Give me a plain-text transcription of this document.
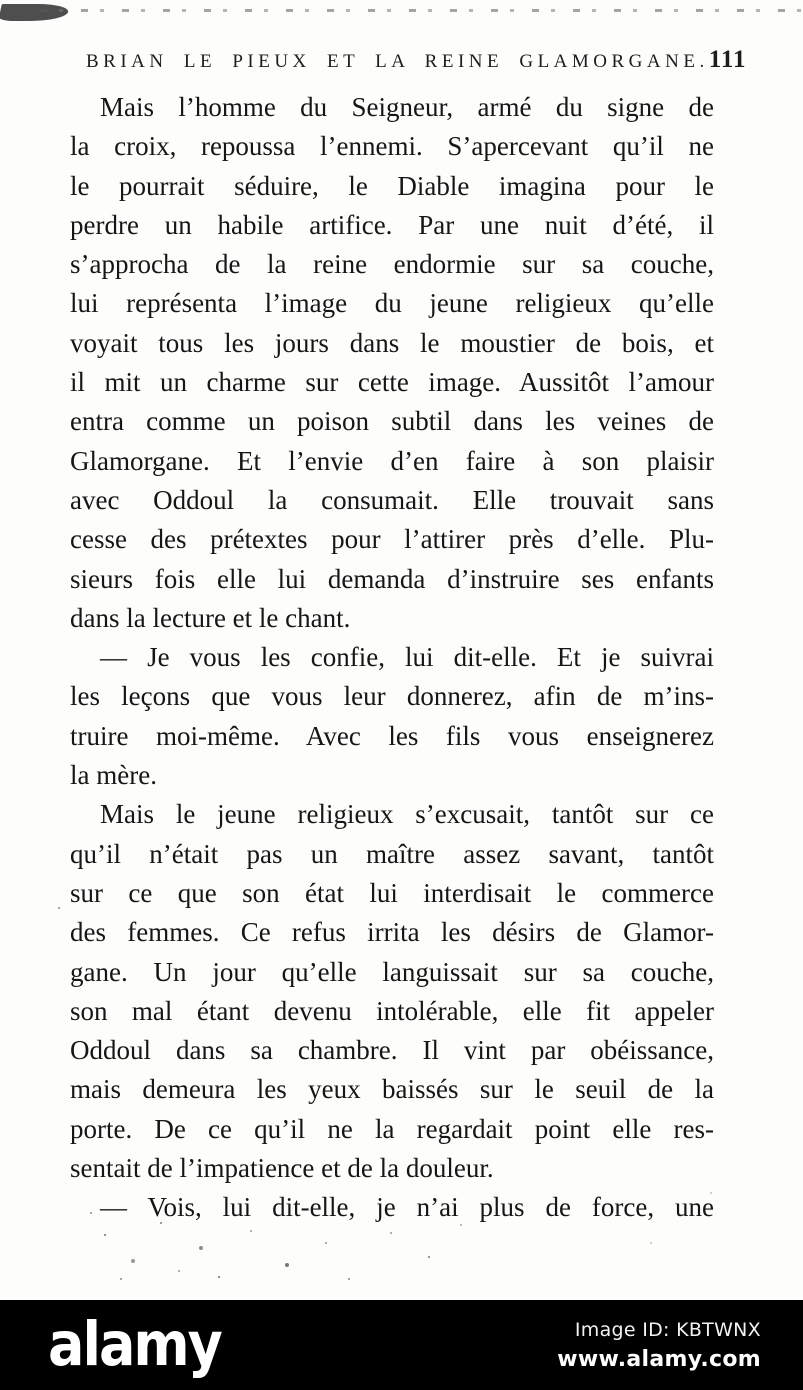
BRIAN LE PIEUX ET LA REINE GLAMORGANE. 111
Mais l’homme du Seigneur, armé du signe de
la croix, repoussa l’ennemi. S’apercevant qu’il ne
le pourrait séduire, le Diable imagina pour le
perdre un habile artifice. Par une nuit d’été, il
s’approcha de la reine endormie sur sa couche,
lui représenta l’image du jeune religieux qu’elle
voyait tous les jours dans le moustier de bois, et
il mit un charme sur cette image. Aussitôt l’amour
entra comme un poison subtil dans les veines de
Glamorgane. Et l’envie d’en faire à son plaisir
avec Oddoul la consumait. Elle trouvait sans
cesse des prétextes pour l’attirer près d’elle. Plu-
sieurs fois elle lui demanda d’instruire ses enfants
dans la lecture et le chant.
— Je vous les confie, lui dit-elle. Et je suivrai
les leçons que vous leur donnerez, afin de m’ins-
truire moi-même. Avec les fils vous enseignerez
la mère.
Mais le jeune religieux s’excusait, tantôt sur ce
qu’il n’était pas un maître assez savant, tantôt
sur ce que son état lui interdisait le commerce
des femmes. Ce refus irrita les désirs de Glamor-
gane. Un jour qu’elle languissait sur sa couche,
son mal étant devenu intolérable, elle fit appeler
Oddoul dans sa chambre. Il vint par obéissance,
mais demeura les yeux baissés sur le seuil de la
porte. De ce qu’il ne la regardait point elle res-
sentait de l’impatience et de la douleur.
— Vois, lui dit-elle, je n’ai plus de force, une
alamy	Image ID: KBTWNX
www.alamy.com
